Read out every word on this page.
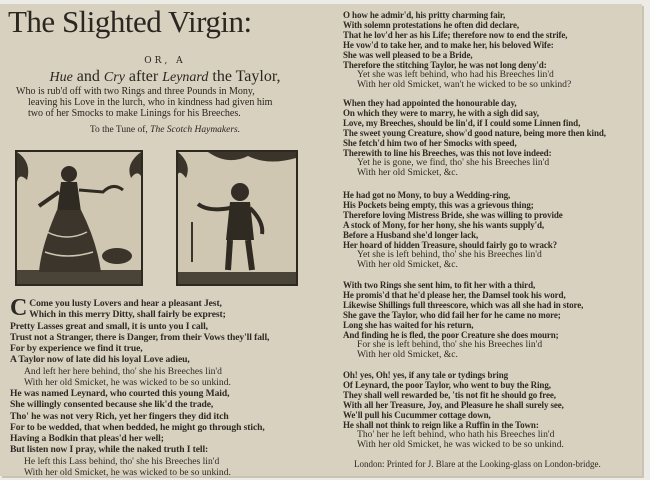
The Slighted Virgin:
OR, A
Hue and Cry after Leynard the Taylor,
Who is rub'd off with two Rings and three Pounds in Mony,
leaving his Love in the lurch, who in kindness had given him
two of her Smocks to make Linings for his Breeches.
To the Tune of, The Scotch Haymakers.
C Come you lusty Lovers and hear a pleasant Jest,
Which in this merry Ditty, shall fairly be exprest;
Pretty Lasses great and small, it is unto you I call,
Trust not a Stranger, there is Danger, from their Vows they'll fall,
For by experience we find it true,
A Taylor now of late did his loyal Love adieu,
And left her here behind, tho' she his Breeches lin'd
With her old Smicket, he was wicked to be so unkind.
O how he admir'd, his pritty charming fair,
With solemn protestations he often did declare,
That he lov'd her as his Life; therefore now to end the strife,
He vow'd to take her, and to make her, his beloved Wife:
She was well pleased to be a Bride,
Therefore the stitching Taylor, he was not long deny'd:
Yet she was left behind, who had his Breeches lin'd
With her old Smicket, wan't he wicked to be so unkind?
When they had appointed the honourable day,
On which they were to marry, he with a sigh did say,
Love, my Breeches, should be lin'd, if I could some Linnen find,
The sweet young Creature, show'd good nature, being more then kind,
She fetch'd him two of her Smocks with speed,
Therewith to line his Breeches, was this not love indeed:
Yet he is gone, we find, tho' she his Breeches lin'd
With her old Smicket, &c.
He had got no Mony, to buy a Wedding-ring,
His Pockets being empty, this was a grievous thing;
Therefore loving Mistress Bride, she was willing to provide
A stock of Mony, for her hony, she his wants supply'd,
Before a Husband she'd longer lack,
Her hoard of hidden Treasure, should fairly go to wrack?
Yet she is left behind, tho' she his Breeches lin'd
With her old Smicket, &c.
With two Rings she sent him, to fit her with a third,
He promis'd that he'd please her, the Damsel took his word,
Likewise Shillings full threescore, which was all she had in store,
She gave the Taylor, who did fail her for he came no more;
Long she has waited for his return,
And finding he is fled, the poor Creature she does mourn;
For she is left behind, tho' she his Breeches lin'd
With her old Smicket, &c.
Oh! yes, Oh! yes, if any tale or tydings bring
Of Leynard, the poor Taylor, who went to buy the Ring,
They shall well rewarded be, 'tis not fit he should go free,
With all her Treasure, Joy, and Pleasure he shall surely see,
We'll pull his Cucummer cottage down,
He shall not think to reign like a Ruffin in the Town:
Tho' her he left behind, who hath his Breeches lin'd
With her old Smicket, he was wicked to be so unkind.
He was named Leynard, who courted this young Maid,
She willingly consented because she lik'd the trade,
Tho' he was not very Rich, yet her fingers they did itch
For to be wedded, that when bedded, he might go through stich,
Having a Bodkin that pleas'd her well;
But listen now I pray, while the naked truth I tell:
He left this Lass behind, tho' she his Breeches lin'd
With her old Smicket, he was wicked to be so unkind.
London: Printed for J. Blare at the Looking-glass on London-bridge.
